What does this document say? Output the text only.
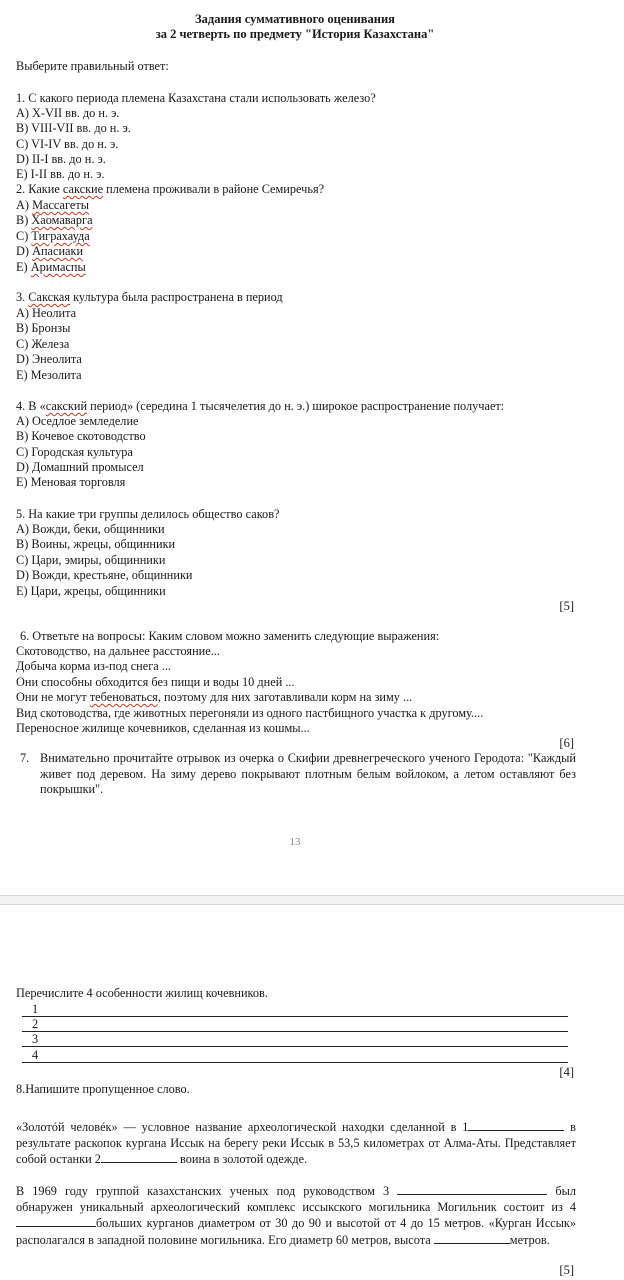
Задания суммативного оценивания
за 2 четверть по предмету "История Казахстана"
Выберите правильный ответ:
1. С какого периода племена Казахстана стали использовать железо?
A) X-VII вв. до н. э.
B) VIII-VII вв. до н. э.
C) VI-IV вв. до н. э.
D) II-I вв. до н. э.
E) I-II вв. до н. э.
2. Какие сакские племена проживали в районе Семиречья?
A) Массагеты
B) Хаомаварга
C) Тиграхауда
D) Апасиаки
E) Аримаспы
3. Сакская культура была распространена в период
A) Неолита
B) Бронзы
C) Железа
D) Энеолита
E) Мезолита
4. В «сакский период» (середина 1 тысячелетия до н. э.) широкое распространение получает:
A) Оседлое земледелие
B) Кочевое скотоводство
C) Городская культура
D) Домашний промысел
E) Меновая торговля
5. На какие три группы делилось общество саков?
A) Вожди, беки, общинники
B) Воины, жрецы, общинники
C) Цари, эмиры, общинники
D) Вожди, крестьяне, общинники
E) Цари, жрецы, общинники
[5]
6. Ответьте на вопросы: Каким словом можно заменить следующие выражения:
Скотоводство, на дальнее расстояние...
Добыча корма из-под снега ...
Они способны обходится без пищи и воды 10 дней ...
Они не могут тебеноваться, поэтому для них заготавливали корм на зиму ...
Вид скотоводства, где животных перегоняли из одного пастбищного участка к другому....
Переносное жилище кочевников, сделанная из кошмы...
[6]
7. Внимательно прочитайте отрывок из очерка о Скифии древнегреческого ученого Геродота: "Каждый живет под деревом. На зиму дерево покрывают плотным белым войлоком, а летом оставляют без покрышки".
13
Перечислите 4 особенности жилищ кочевников.
1
2
3
4
[4]
8.Напишите пропущенное слово.
«Золотóй человéк» — условное название археологической находки сделанной в 1	в результате раскопок кургана Иссык на берегу реки Иссык в 53,5 километрах от Алма-Аты. Представляет собой останки 2	воина в золотой одежде.
В 1969 году группой казахстанских ученых под руководством 3	был обнаружен уникальный археологический комплекс иссыкского могильника Могильник состоит из 4больших курганов диаметром от 30 до 90 и высотой от 4 до 15 метров. «Курган Иссык» располагался в западной половине могильника. Его диаметр 60 метров, высота	метров.
[5]
